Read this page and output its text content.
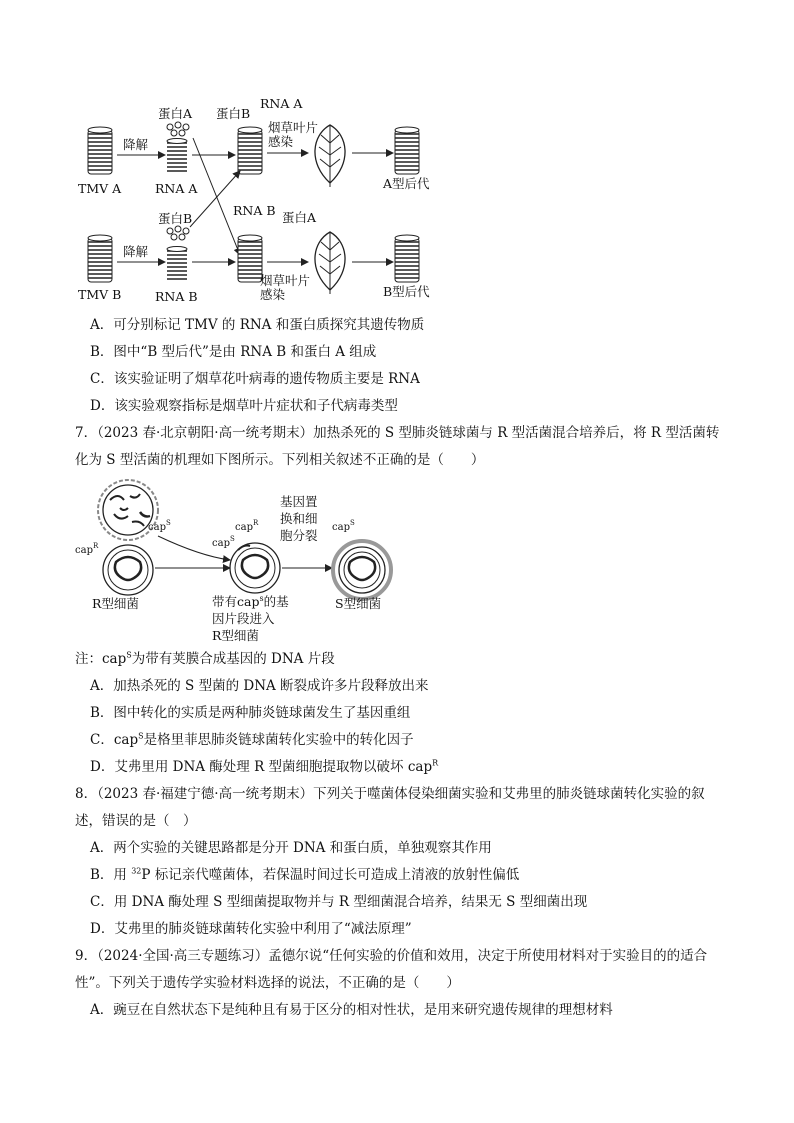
TMV A
降解
蛋白A
RNA A
蛋白B
RNA A
烟草叶片
感染
A型后代
TMV B
降解
蛋白B
RNA B
RNA B 蛋白A
烟草叶片
感染	B型后代
A．可分别标记 TMV 的 RNA 和蛋白质探究其遗传物质
B．图中“B 型后代”是由 RNA B 和蛋白 A 组成
C．该实验证明了烟草花叶病毒的遗传物质主要是 RNA
D．该实验观察指标是烟草叶片症状和子代病毒类型
7．（2023 春·北京朝阳·高一统考期末）加热杀死的 S 型肺炎链球菌与 R 型活菌混合培养后，将 R 型活菌转
化为 S 型活菌的机理如下图所示。下列相关叙述不正确的是（　　）
cap$^S$
cap$^R$
R型细菌
cap$^R$
cap$^S$
带有cap$^s$的基
因片段进入
R型细菌
基因置
换和细
胞分裂
cap$^S$
S型细菌
注：cap$^S$为带有荚膜合成基因的 DNA 片段
A．加热杀死的 S 型菌的 DNA 断裂成许多片段释放出来
B．图中转化的实质是两种肺炎链球菌发生了基因重组
C．cap$^S$是格里菲思肺炎链球菌转化实验中的转化因子
D．艾弗里用 DNA 酶处理 R 型菌细胞提取物以破坏 cap$^R$
8．（2023 春·福建宁德·高一统考期末）下列关于噬菌体侵染细菌实验和艾弗里的肺炎链球菌转化实验的叙
述，错误的是（　）
A．两个实验的关键思路都是分开 DNA 和蛋白质，单独观察其作用
B．用 $^{32}$P 标记亲代噬菌体，若保温时间过长可造成上清液的放射性偏低
C．用 DNA 酶处理 S 型细菌提取物并与 R 型细菌混合培养，结果无 S 型细菌出现
D．艾弗里的肺炎链球菌转化实验中利用了“减法原理”
9．（2024·全国·高三专题练习）孟德尔说“任何实验的价值和效用，决定于所使用材料对于实验目的的适合
性”。下列关于遗传学实验材料选择的说法，不正确的是（　　）
A．豌豆在自然状态下是纯种且有易于区分的相对性状，是用来研究遗传规律的理想材料
